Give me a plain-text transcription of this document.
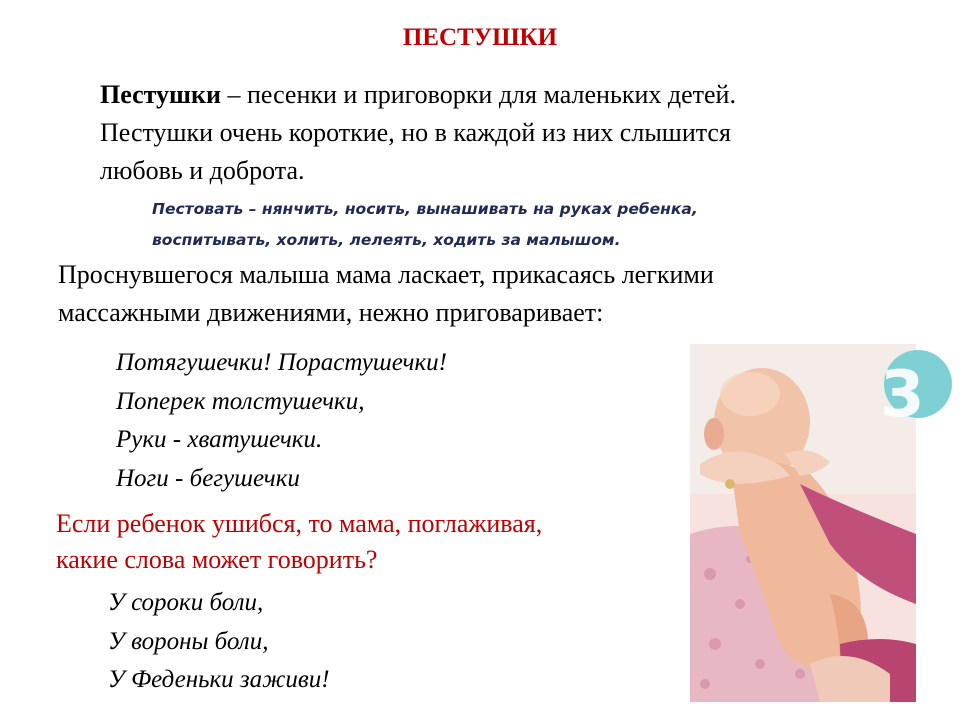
ПЕСТУШКИ
Пестушки – песенки и приговорки для маленьких детей.
Пестушки очень короткие, но в каждой из них слышится
любовь и доброта.
Пестовать – нянчить, носить, вынашивать на руках ребенка,
воспитывать, холить, лелеять, ходить за малышом.
Проснувшегося малыша мама ласкает, прикасаясь легкими
массажными движениями, нежно приговаривает:
Потягушечки! Порастушечки!
Поперек толстушечки,
Руки - хватушечки.
Ноги - бегушечки
Если ребенок ушибся, то мама, поглаживая,
какие слова может говорить?
У сороки боли,
У вороны боли,
У Феденьки заживи!
3
